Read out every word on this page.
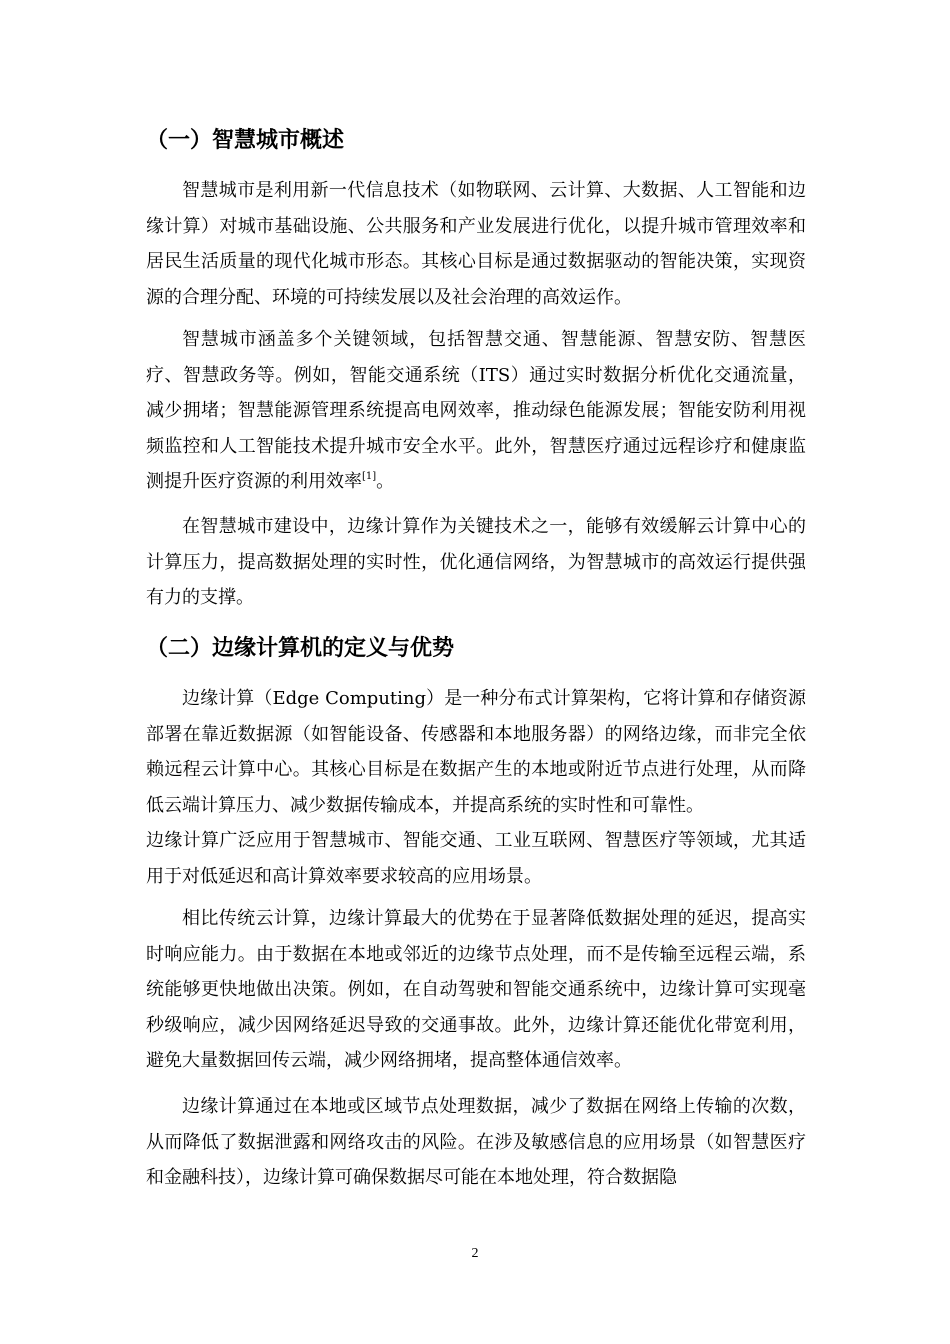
（一）智慧城市概述

智慧城市是利用新一代信息技术（如物联网、云计算、大数据、人工智能和边缘计算）对城市基础设施、公共服务和产业发展进行优化，以提升城市管理效率和居民生活质量的现代化城市形态。其核心目标是通过数据驱动的智能决策，实现资源的合理分配、环境的可持续发展以及社会治理的高效运作。

智慧城市涵盖多个关键领域，包括智慧交通、智慧能源、智慧安防、智慧医疗、智慧政务等。例如，智能交通系统（ITS）通过实时数据分析优化交通流量，减少拥堵；智慧能源管理系统提高电网效率，推动绿色能源发展；智能安防利用视频监控和人工智能技术提升城市安全水平。此外，智慧医疗通过远程诊疗和健康监测提升医疗资源的利用效率[1]。

在智慧城市建设中，边缘计算作为关键技术之一，能够有效缓解云计算中心的计算压力，提高数据处理的实时性，优化通信网络，为智慧城市的高效运行提供强有力的支撑。

（二）边缘计算机的定义与优势

边缘计算（Edge Computing）是一种分布式计算架构，它将计算和存储资源部署在靠近数据源（如智能设备、传感器和本地服务器）的网络边缘，而非完全依赖远程云计算中心。其核心目标是在数据产生的本地或附近节点进行处理，从而降低云端计算压力、减少数据传输成本，并提高系统的实时性和可靠性。

边缘计算广泛应用于智慧城市、智能交通、工业互联网、智慧医疗等领域，尤其适用于对低延迟和高计算效率要求较高的应用场景。

相比传统云计算，边缘计算最大的优势在于显著降低数据处理的延迟，提高实时响应能力。由于数据在本地或邻近的边缘节点处理，而不是传输至远程云端，系统能够更快地做出决策。例如，在自动驾驶和智能交通系统中，边缘计算可实现毫秒级响应，减少因网络延迟导致的交通事故。此外，边缘计算还能优化带宽利用，避免大量数据回传云端，减少网络拥堵，提高整体通信效率。

边缘计算通过在本地或区域节点处理数据，减少了数据在网络上传输的次数，从而降低了数据泄露和网络攻击的风险。在涉及敏感信息的应用场景（如智慧医疗和金融科技），边缘计算可确保数据尽可能在本地处理，符合数据隐

2
